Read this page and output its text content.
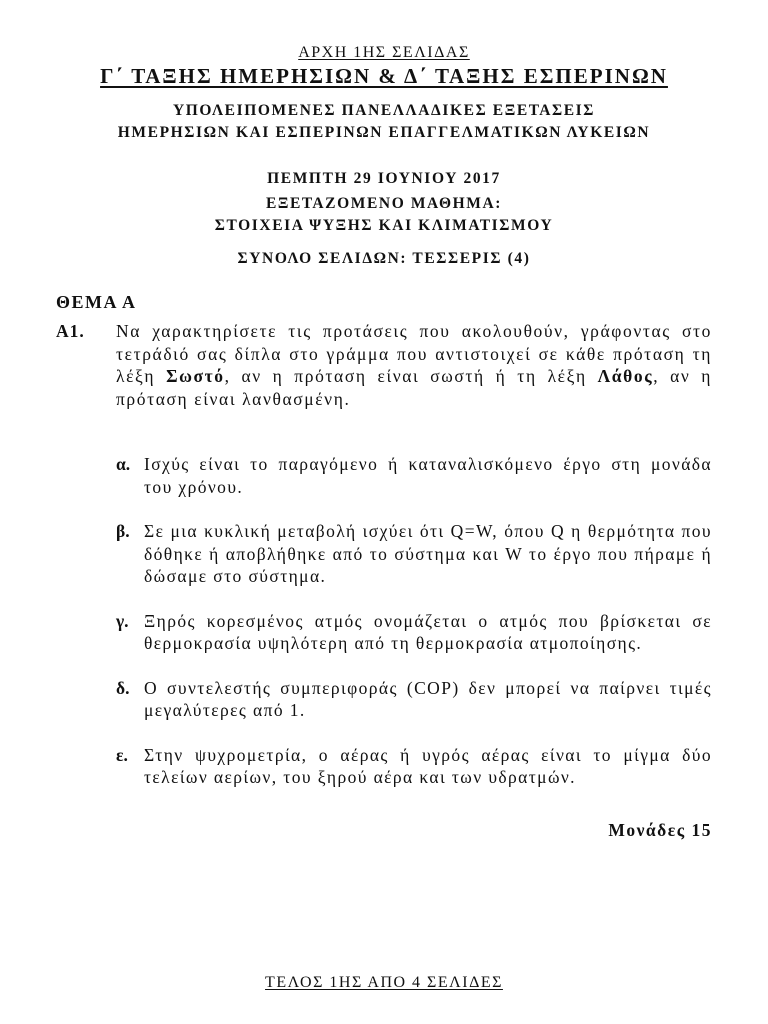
ΑΡΧΗ 1ΗΣ ΣΕΛΙΔΑΣ
Γ΄ ΤΑΞΗΣ ΗΜΕΡΗΣΙΩΝ & Δ΄ ΤΑΞΗΣ ΕΣΠΕΡΙΝΩΝ
ΥΠΟΛΕΙΠΟΜΕΝΕΣ ΠΑΝΕΛΛΑΔΙΚΕΣ ΕΞΕΤΑΣΕΙΣ
ΗΜΕΡΗΣΙΩΝ ΚΑΙ ΕΣΠΕΡΙΝΩΝ ΕΠΑΓΓΕΛΜΑΤΙΚΩΝ ΛΥΚΕΙΩΝ
ΠΕΜΠΤΗ 29 ΙΟΥΝΙΟΥ 2017
ΕΞΕΤΑΖΟΜΕΝΟ ΜΑΘΗΜΑ:
ΣΤΟΙΧΕΙΑ ΨΥΞΗΣ ΚΑΙ ΚΛΙΜΑΤΙΣΜΟΥ
ΣΥΝΟΛΟ ΣΕΛΙΔΩΝ: ΤΕΣΣΕΡΙΣ (4)
ΘΕΜΑ Α
Α1. Να χαρακτηρίσετε τις προτάσεις που ακολουθούν, γράφοντας στο τετράδιό σας δίπλα στο γράμμα που αντιστοιχεί σε κάθε πρόταση τη λέξη Σωστό, αν η πρόταση είναι σωστή ή τη λέξη Λάθος, αν η πρόταση είναι λανθασμένη.
α. Ισχύς είναι το παραγόμενο ή καταναλισκόμενο έργο στη μονάδα του χρόνου.
β. Σε μια κυκλική μεταβολή ισχύει ότι Q=W, όπου Q η θερμότητα που δόθηκε ή αποβλήθηκε από το σύστημα και W το έργο που πήραμε ή δώσαμε στο σύστημα.
γ. Ξηρός κορεσμένος ατμός ονομάζεται ο ατμός που βρίσκεται σε θερμοκρασία υψηλότερη από τη θερμοκρασία ατμοποίησης.
δ. Ο συντελεστής συμπεριφοράς (COP) δεν μπορεί να παίρνει τιμές μεγαλύτερες από 1.
ε. Στην ψυχρομετρία, ο αέρας ή υγρός αέρας είναι το μίγμα δύο τελείων αερίων, του ξηρού αέρα και των υδρατμών.
Μονάδες 15
ΤΕΛΟΣ 1ΗΣ ΑΠΟ 4 ΣΕΛΙΔΕΣ
